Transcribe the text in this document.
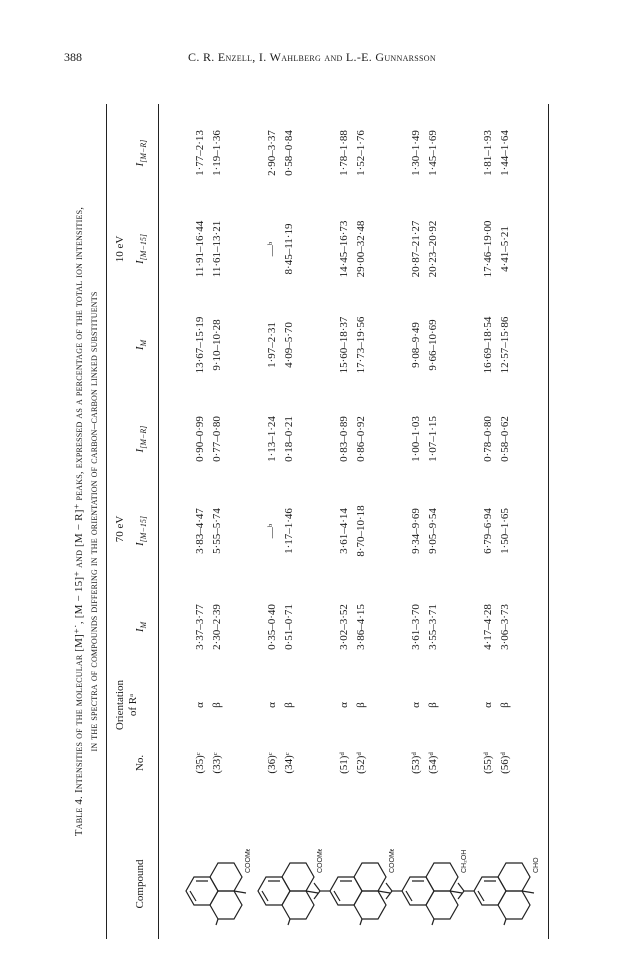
388	C. R. Enzell, I. Wahlberg and L.-E. Gunnarsson
Table 4. Intensities of the molecular [M]⁺˙, [M − 15]⁺ and [M − R]⁺ peaks, expressed as a percentage of the total ion intensities, in the spectra of compounds differing in the orientation of carbon–carbon linked substituents
Compound
No.
Orientation of Rᵃ
70 eV
10 eV
$I_M$
$I_{[M-15]}$
$I_{[M-R]}$
$I_M$
$I_{[M-15]}$
$I_{[M-R]}$
COOMe
(35)ᶜ
α
3·37–3·77
3·83–4·47
0·90–0·99
13·67–15·19
11·91–16·44
1·77–2·13
(33)ᶜ
β
2·30–2·39
5·55–5·74
0·77–0·80
9·10–10·28
11·61–13·21
1·19–1·36
COOMe
(36)ᶜ
α
0·35–0·40
—ᵇ
1·13–1·24
1·97–2·31
—ᵇ
2·90–3·37
(34)ᶜ
β
0·51–0·71
1·17–1·46
0·18–0·21
4·09–5·70
8·45–11·19
0·58–0·84
COOMe
(51)ᵈ
α
3·02–3·52
3·61–4·14
0·83–0·89
15·60–18·37
14·45–16·73
1·78–1·88
(52)ᵈ
β
3·86–4·15
8·70–10·18
0·86–0·92
17·73–19·56
29·00–32·48
1·52–1·76
CH₂OH
(53)ᵈ
α
3·61–3·70
9·34–9·69
1·00–1·03
9·08–9·49
20·87–21·27
1·30–1·49
(54)ᵈ
β
3·55–3·71
9·05–9·54
1·07–1·15
9·66–10·69
20·23–20·92
1·45–1·69
CHO
(55)ᵈ
α
4·17–4·28
6·79–6·94
0·78–0·80
16·69–18·54
17·46–19·00
1·81–1·93
(56)ᵈ
β
3·06–3·73
1·50–1·65
0·58–0·62
12·57–15·86
4·41–5·21
1·44–1·64
